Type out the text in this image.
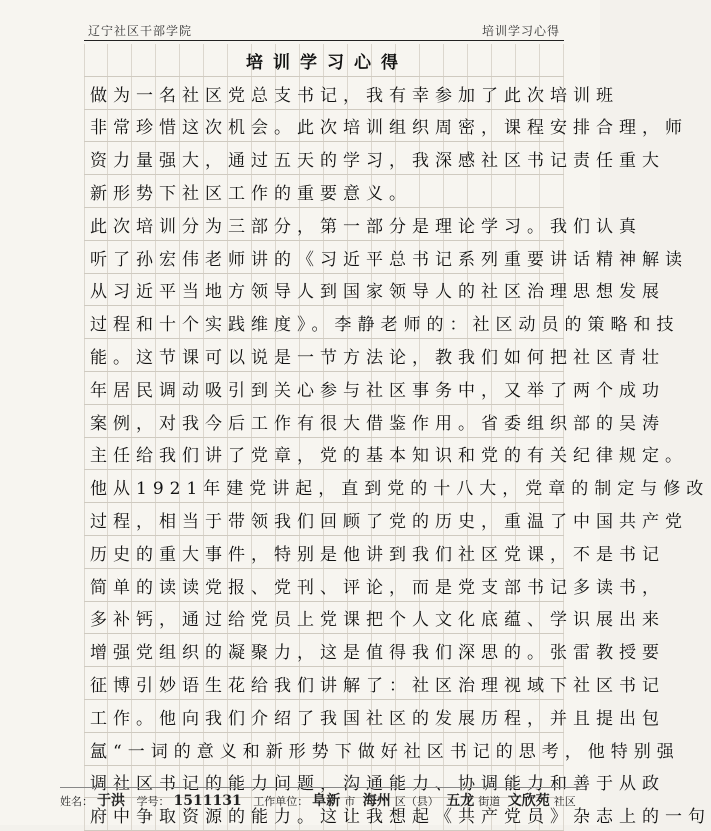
辽宁社区干部学院	培训学习心得
培训学习心得
做为一名社区党总支书记，我有幸参加了此次培训班
非常珍惜这次机会。此次培训组织周密，课程安排合理，师
资力量强大，通过五天的学习，我深感社区书记责任重大
新形势下社区工作的重要意义。
此次培训分为三部分，第一部分是理论学习。我们认真
听了孙宏伟老师讲的《习近平总书记系列重要讲话精神解读
从习近平当地方领导人到国家领导人的社区治理思想发展
过程和十个实践维度》。李静老师的：社区动员的策略和技
能。这节课可以说是一节方法论，教我们如何把社区青壮
年居民调动吸引到关心参与社区事务中，又举了两个成功
案例，对我今后工作有很大借鉴作用。省委组织部的吴涛
主任给我们讲了党章，党的基本知识和党的有关纪律规定。
他从1921年建党讲起，直到党的十八大，党章的制定与修改
过程，相当于带领我们回顾了党的历史，重温了中国共产党
历史的重大事件，特别是他讲到我们社区党课，不是书记
简单的读读党报、党刊、评论，而是党支部书记多读书，
多补钙，通过给党员上党课把个人文化底蕴、学识展出来
增强党组织的凝聚力，这是值得我们深思的。张雷教授要
征博引妙语生花给我们讲解了：社区治理视域下社区书记
工作。他向我们介绍了我国社区的发展历程，并且提出包
氲“一词的意义和新形势下做好社区书记的思考，他特别强
调社区书记的能力问题，沟通能力、协调能力和善于从政
府中争取资源的能力。这让我想起《共产党员》杂志上的一句
姓名： 于洪 学号： 1511131 工作单位： 阜新 市 海州 区（县） 五龙 街道 文欣苑 社区
